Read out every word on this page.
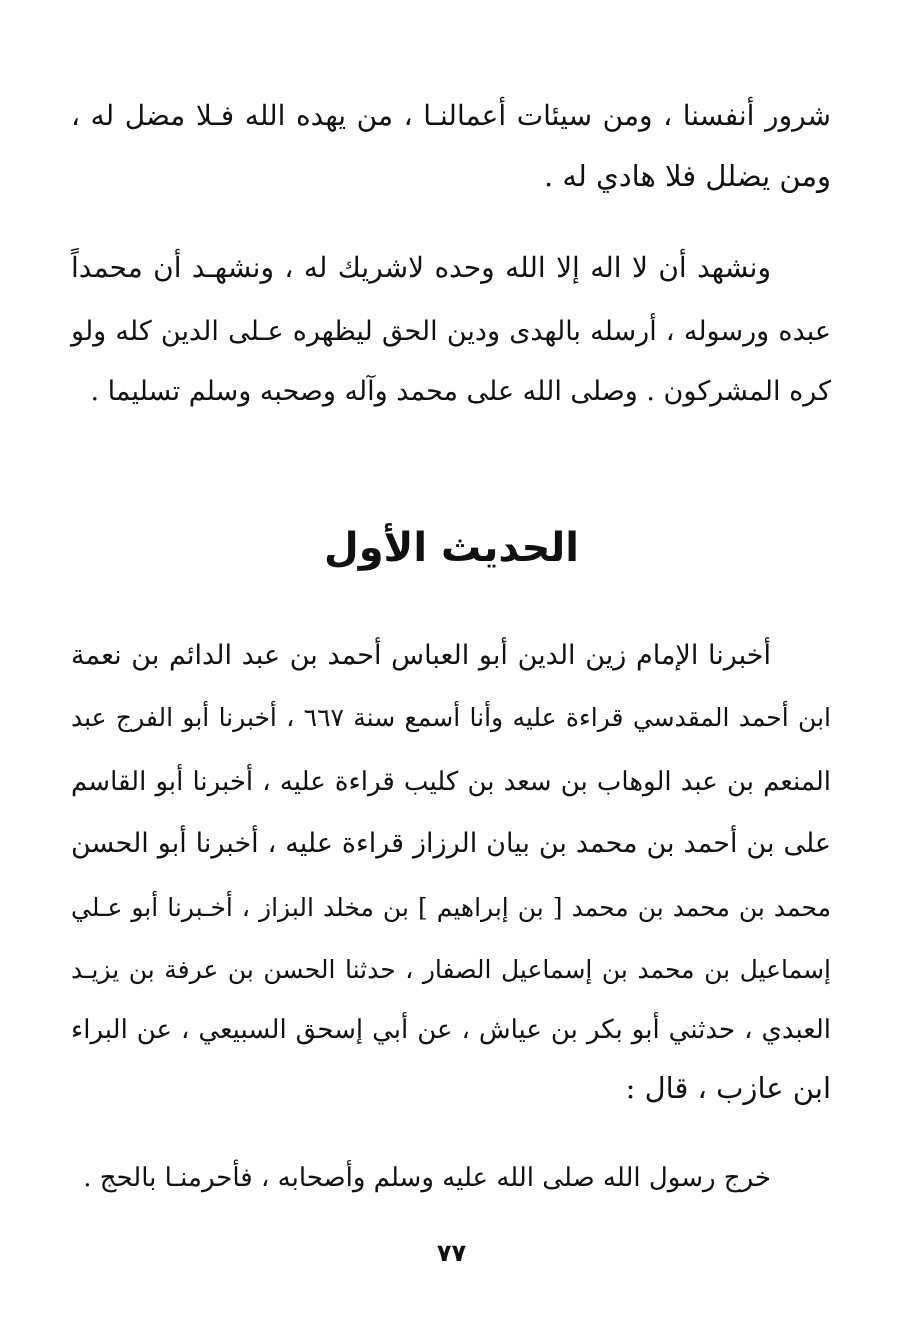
شرور أنفسنا ، ومن سيئات أعمالنـا ، من يهده الله فـلا مضل له ،
ومن يضلل فلا هادي له .
ونشهد أن لا اله إلا الله وحده لاشريك له ، ونشهـد أن محمداً
عبده ورسوله ، أرسله بالهدى ودين الحق ليظهره عـلى الدين كله ولو
كره المشركون . وصلى الله على محمد وآله وصحبه وسلم تسليما .
الحديث الأول
أخبرنا الإمام زين الدين أبو العباس أحمد بن عبد الدائم بن نعمة
ابن أحمد المقدسي قراءة عليه وأنا أسمع سنة ٦٦٧ ، أخبرنا أبو الفرج عبد
المنعم بن عبد الوهاب بن سعد بن كليب قراءة عليه ، أخبرنا أبو القاسم
على بن أحمد بن محمد بن بيان الرزاز قراءة عليه ، أخبرنا أبو الحسن
محمد بن محمد بن محمد [ بن إبراهيم ] بن مخلد البزاز ، أخـبرنا أبو عـلي
إسماعيل بن محمد بن إسماعيل الصفار ، حدثنا الحسن بن عرفة بن يزيـد
العبدي ، حدثني أبو بكر بن عياش ، عن أبي إسحق السبيعي ، عن البراء
ابن عازب ، قال :
خرج رسول الله صلى الله عليه وسلم وأصحابه ، فأحرمنـا بالحج .
٧٧
